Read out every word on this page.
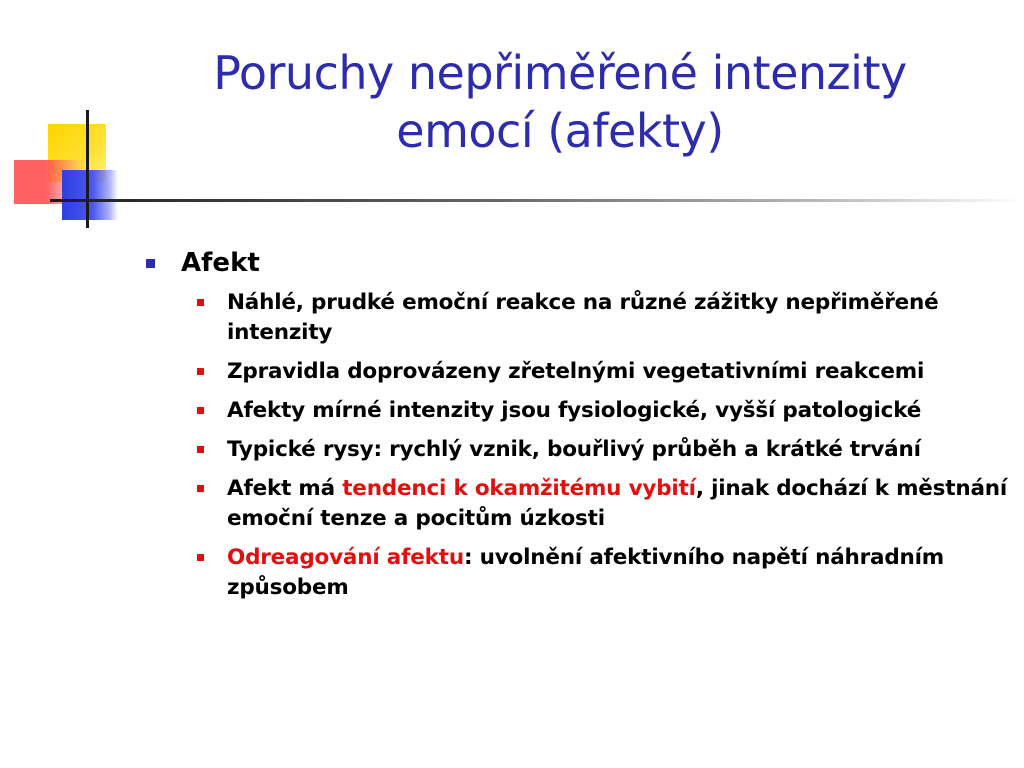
Poruchy nepřiměřené intenzity
emocí (afekty)
Afekt
Náhlé, prudké emoční reakce na různé zážitky nepřiměřené intenzity
Zpravidla doprovázeny zřetelnými vegetativními reakcemi
Afekty mírné intenzity jsou fysiologické, vyšší patologické
Typické rysy: rychlý vznik, bouřlivý průběh a krátké trvání
Afekt má tendenci k okamžitému vybití, jinak dochází k městnání emoční tenze a pocitům úzkosti
Odreagování afektu: uvolnění afektivního napětí náhradním způsobem
